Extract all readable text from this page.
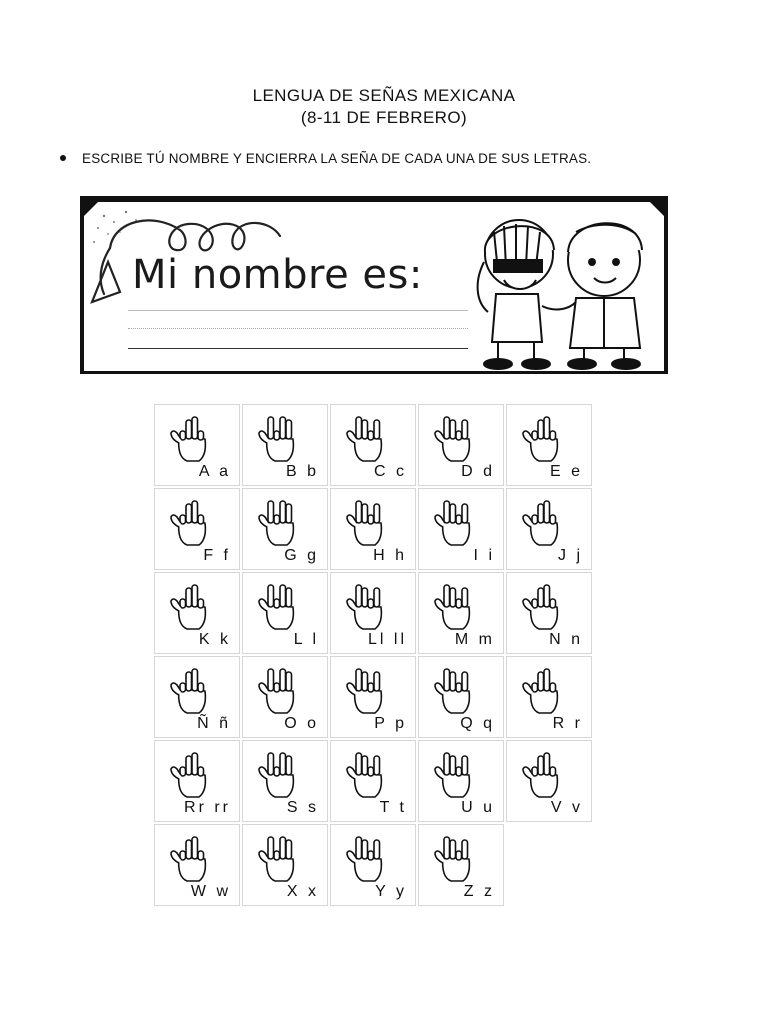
LENGUA DE SEÑAS MEXICANA
(8-11 DE FEBRERO)
ESCRIBE TÚ NOMBRE Y ENCIERRA LA SEÑA DE CADA UNA DE SUS LETRAS.
Mi nombre es:
A a	B b	C c	D d	E e
F f	G g	H h	I i	J j
K k	L l	Ll ll	M m	N n
Ñ ñ	O o	P p	Q q	R r
Rr rr	S s	T t	U u	V v
W w	X x	Y y	Z z
